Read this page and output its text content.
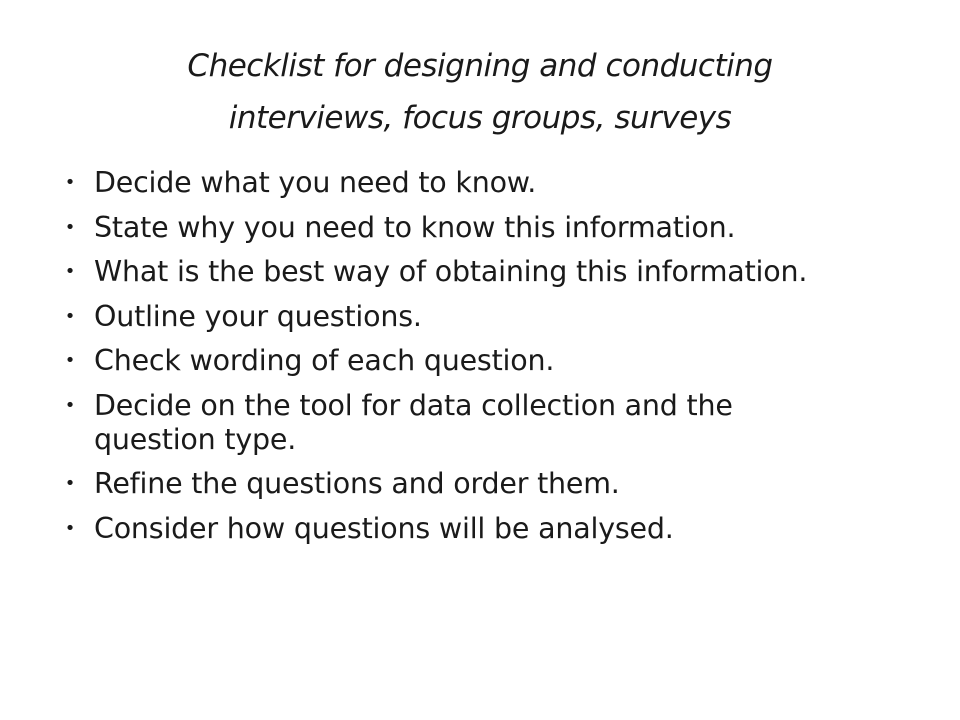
Checklist for designing and conducting
interviews, focus groups, surveys
• Decide what you need to know.
• State why you need to know this information.
• What is the best way of obtaining this information.
• Outline your questions.
• Check wording of each question.
• Decide on the tool for data collection and the question type.
• Refine the questions and order them.
• Consider how questions will be analysed.
